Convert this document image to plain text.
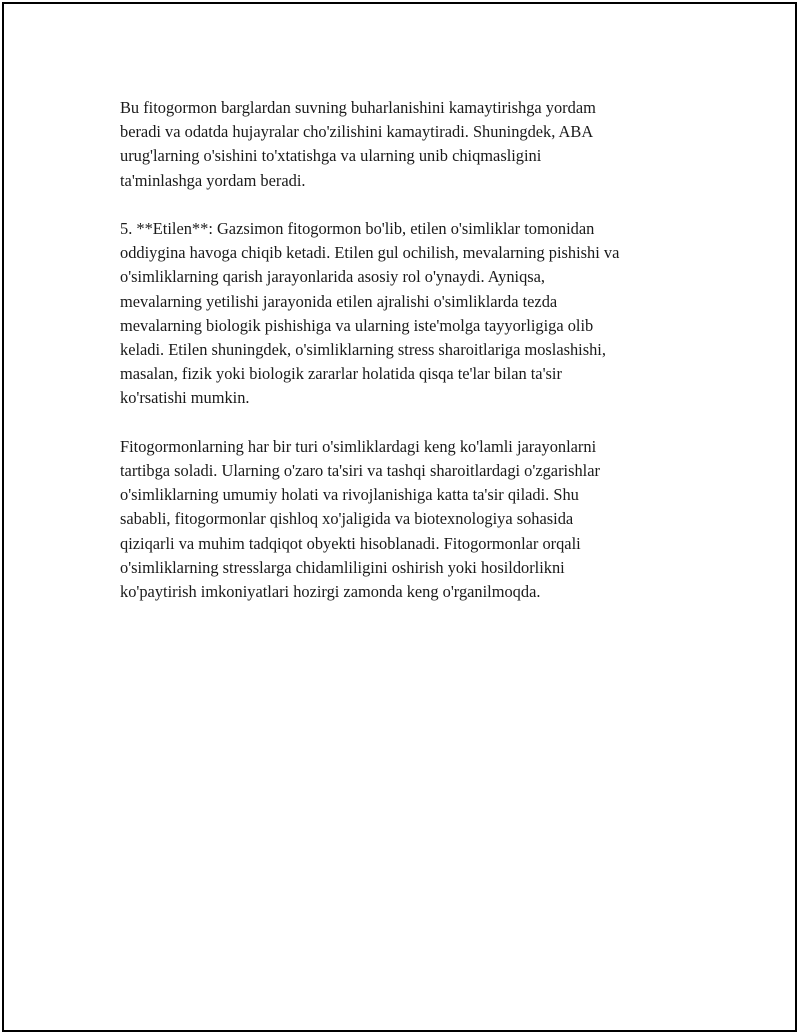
Bu fitogormon barglardan suvning buharlanishini kamaytirishga yordam
beradi va odatda hujayralar cho'zilishini kamaytiradi. Shuningdek, ABA
urug'larning o'sishini to'xtatishga va ularning unib chiqmasligini
ta'minlashga yordam beradi.

5. **Etilen**: Gazsimon fitogormon bo'lib, etilen o'simliklar tomonidan
oddiygina havoga chiqib ketadi. Etilen gul ochilish, mevalarning pishishi va
o'simliklarning qarish jarayonlarida asosiy rol o'ynaydi. Ayniqsa,
mevalarning yetilishi jarayonida etilen ajralishi o'simliklarda tezda
mevalarning biologik pishishiga va ularning iste'molga tayyorligiga olib
keladi. Etilen shuningdek, o'simliklarning stress sharoitlariga moslashishi,
masalan, fizik yoki biologik zararlar holatida qisqa te'lar bilan ta'sir
ko'rsatishi mumkin.

Fitogormonlarning har bir turi o'simliklardagi keng ko'lamli jarayonlarni
tartibga soladi. Ularning o'zaro ta'siri va tashqi sharoitlardagi o'zgarishlar
o'simliklarning umumiy holati va rivojlanishiga katta ta'sir qiladi. Shu
sababli, fitogormonlar qishloq xo'jaligida va biotexnologiya sohasida
qiziqarli va muhim tadqiqot obyekti hisoblanadi. Fitogormonlar orqali
o'simliklarning stresslarga chidamliligini oshirish yoki hosildorlikni
ko'paytirish imkoniyatlari hozirgi zamonda keng o'rganilmoqda.
